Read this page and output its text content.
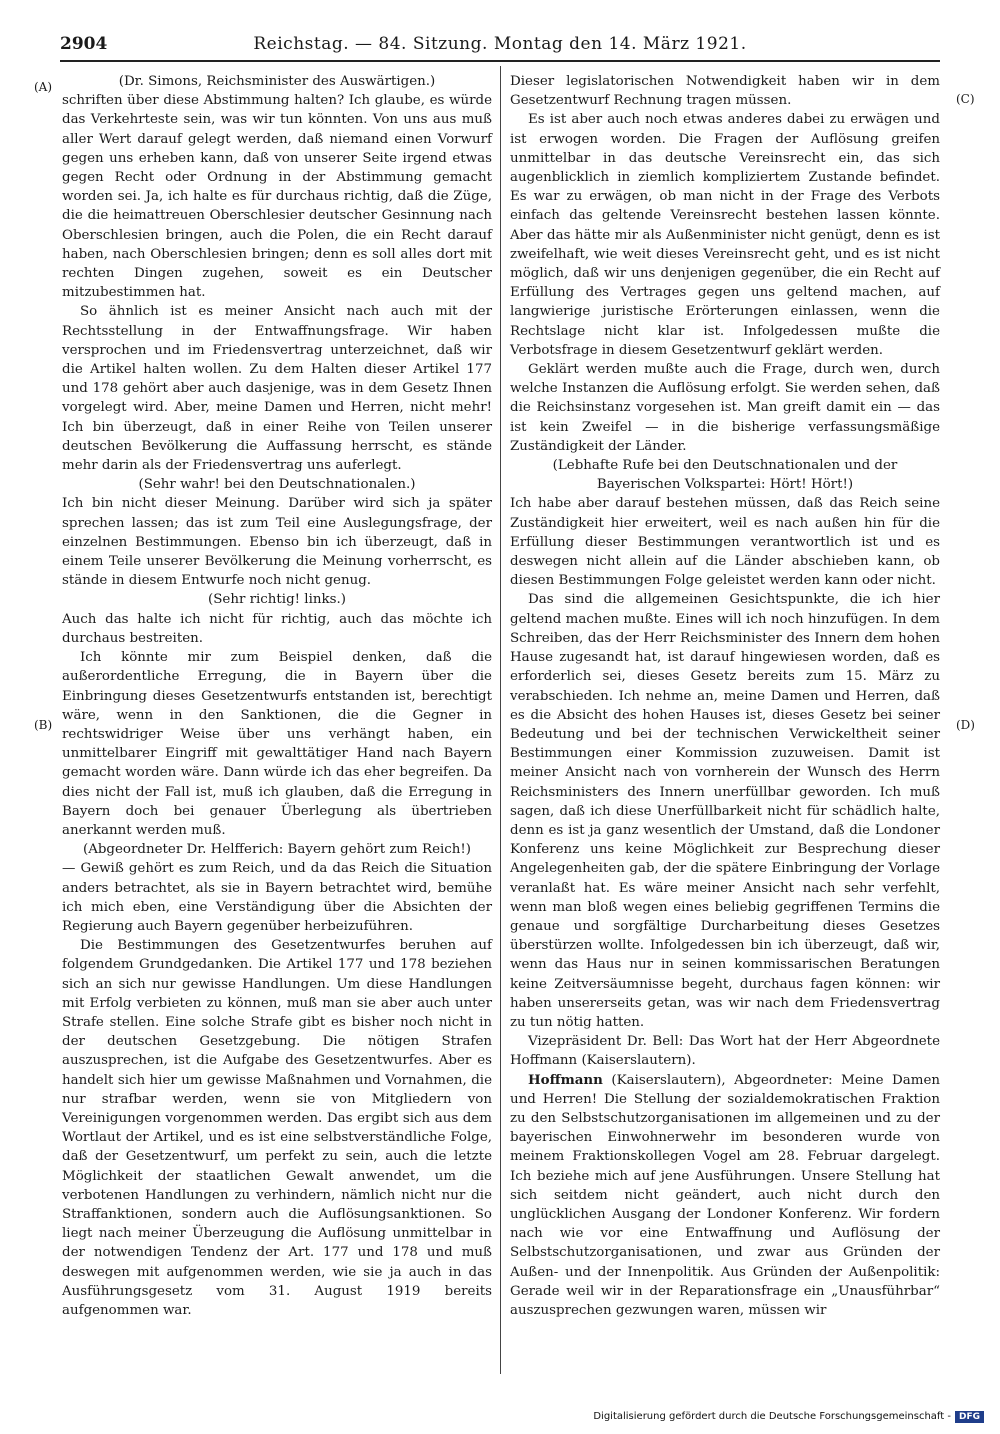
2904	Reichstag. — 84. Sitzung. Montag den 14. März 1921.
(A)
(B)
(C)
(D)

(Dr. Simons, Reichsminister des Auswärtigen.)

schriften über diese Abstimmung halten? Ich glaube, es würde das Verkehrteste sein, was wir tun könnten. Von uns aus muß aller Wert darauf gelegt werden, daß niemand einen Vorwurf gegen uns erheben kann, daß von unserer Seite irgend etwas gegen Recht oder Ordnung in der Abstimmung gemacht worden sei. Ja, ich halte es für durchaus richtig, daß die Züge, die die heimattreuen Oberschlesier deutscher Gesinnung nach Oberschlesien bringen, auch die Polen, die ein Recht darauf haben, nach Oberschlesien bringen; denn es soll alles dort mit rechten Dingen zugehen, soweit es ein Deutscher mitzubestimmen hat.

So ähnlich ist es meiner Ansicht nach auch mit der Rechtsstellung in der Entwaffnungsfrage. Wir haben versprochen und im Friedensvertrag unterzeichnet, daß wir die Artikel halten wollen. Zu dem Halten dieser Artikel 177 und 178 gehört aber auch dasjenige, was in dem Gesetz Ihnen vorgelegt wird. Aber, meine Damen und Herren, nicht mehr! Ich bin überzeugt, daß in einer Reihe von Teilen unserer deutschen Bevölkerung die Auffassung herrscht, es stände mehr darin als der Friedensvertrag uns auferlegt.

(Sehr wahr! bei den Deutschnationalen.)

Ich bin nicht dieser Meinung. Darüber wird sich ja später sprechen lassen; das ist zum Teil eine Auslegungsfrage, der einzelnen Bestimmungen. Ebenso bin ich überzeugt, daß in einem Teile unserer Bevölkerung die Meinung vorherrscht, es stände in diesem Entwurfe noch nicht genug.

(Sehr richtig! links.)

Auch das halte ich nicht für richtig, auch das möchte ich durchaus bestreiten.

Ich könnte mir zum Beispiel denken, daß die außerordentliche Erregung, die in Bayern über die Einbringung dieses Gesetzentwurfs entstanden ist, berechtigt wäre, wenn in den Sanktionen, die die Gegner in rechtswidriger Weise über uns verhängt haben, ein unmittelbarer Eingriff mit gewalttätiger Hand nach Bayern gemacht worden wäre. Dann würde ich das eher begreifen. Da dies nicht der Fall ist, muß ich glauben, daß die Erregung in Bayern doch bei genauer Überlegung als übertrieben anerkannt werden muß.

(Abgeordneter Dr. Helfferich: Bayern gehört zum Reich!)

— Gewiß gehört es zum Reich, und da das Reich die Situation anders betrachtet, als sie in Bayern betrachtet wird, bemühe ich mich eben, eine Verständigung über die Absichten der Regierung auch Bayern gegenüber herbeizuführen.

Die Bestimmungen des Gesetzentwurfes beruhen auf folgendem Grundgedanken. Die Artikel 177 und 178 beziehen sich an sich nur gewisse Handlungen. Um diese Handlungen mit Erfolg verbieten zu können, muß man sie aber auch unter Strafe stellen. Eine solche Strafe gibt es bisher noch nicht in der deutschen Gesetzgebung. Die nötigen Strafen auszusprechen, ist die Aufgabe des Gesetzentwurfes. Aber es handelt sich hier um gewisse Maßnahmen und Vornahmen, die nur strafbar werden, wenn sie von Mitgliedern von Vereinigungen vorgenommen werden. Das ergibt sich aus dem Wortlaut der Artikel, und es ist eine selbstverständliche Folge, daß der Gesetzentwurf, um perfekt zu sein, auch die letzte Möglichkeit der staatlichen Gewalt anwendet, um die verbotenen Handlungen zu verhindern, nämlich nicht nur die Straffanktionen, sondern auch die Auflösungsanktionen. So liegt nach meiner Überzeugung die Auflösung unmittelbar in der notwendigen Tendenz der Art. 177 und 178 und muß deswegen mit aufgenommen werden, wie sie ja auch in das Ausführungsgesetz vom 31. August 1919 bereits aufgenommen war.

Dieser legislatorischen Notwendigkeit haben wir in dem Gesetzentwurf Rechnung tragen müssen.

Es ist aber auch noch etwas anderes dabei zu erwägen und ist erwogen worden. Die Fragen der Auflösung greifen unmittelbar in das deutsche Vereinsrecht ein, das sich augenblicklich in ziemlich kompliziertem Zustande befindet. Es war zu erwägen, ob man nicht in der Frage des Verbots einfach das geltende Vereinsrecht bestehen lassen könnte. Aber das hätte mir als Außenminister nicht genügt, denn es ist zweifelhaft, wie weit dieses Vereinsrecht geht, und es ist nicht möglich, daß wir uns denjenigen gegenüber, die ein Recht auf Erfüllung des Vertrages gegen uns geltend machen, auf langwierige juristische Erörterungen einlassen, wenn die Rechtslage nicht klar ist. Infolgedessen mußte die Verbotsfrage in diesem Gesetzentwurf geklärt werden.

Geklärt werden mußte auch die Frage, durch wen, durch welche Instanzen die Auflösung erfolgt. Sie werden sehen, daß die Reichsinstanz vorgesehen ist. Man greift damit ein — das ist kein Zweifel — in die bisherige verfassungsmäßige Zuständigkeit der Länder.

(Lebhafte Rufe bei den Deutschnationalen und der Bayerischen Volkspartei: Hört! Hört!)

Ich habe aber darauf bestehen müssen, daß das Reich seine Zuständigkeit hier erweitert, weil es nach außen hin für die Erfüllung dieser Bestimmungen verantwortlich ist und es deswegen nicht allein auf die Länder abschieben kann, ob diesen Bestimmungen Folge geleistet werden kann oder nicht.

Das sind die allgemeinen Gesichtspunkte, die ich hier geltend machen mußte. Eines will ich noch hinzufügen. In dem Schreiben, das der Herr Reichsminister des Innern dem hohen Hause zugesandt hat, ist darauf hingewiesen worden, daß es erforderlich sei, dieses Gesetz bereits zum 15. März zu verabschieden. Ich nehme an, meine Damen und Herren, daß es die Absicht des hohen Hauses ist, dieses Gesetz bei seiner Bedeutung und bei der technischen Verwickeltheit seiner Bestimmungen einer Kommission zuzuweisen. Damit ist meiner Ansicht nach von vornherein der Wunsch des Herrn Reichsministers des Innern unerfüllbar geworden. Ich muß sagen, daß ich diese Unerfüllbarkeit nicht für schädlich halte, denn es ist ja ganz wesentlich der Umstand, daß die Londoner Konferenz uns keine Möglichkeit zur Besprechung dieser Angelegenheiten gab, der die spätere Einbringung der Vorlage veranlaßt hat. Es wäre meiner Ansicht nach sehr verfehlt, wenn man bloß wegen eines beliebig gegriffenen Termins die genaue und sorgfältige Durcharbeitung dieses Gesetzes überstürzen wollte. Infolgedessen bin ich überzeugt, daß wir, wenn das Haus nur in seinen kommissarischen Beratungen keine Zeitversäumnisse begeht, durchaus fagen können: wir haben unsererseits getan, was wir nach dem Friedensvertrag zu tun nötig hatten.

Vizepräsident Dr. Bell: Das Wort hat der Herr Abgeordnete Hoffmann (Kaiserslautern).

Hoffmann (Kaiserslautern), Abgeordneter: Meine Damen und Herren! Die Stellung der sozialdemokratischen Fraktion zu den Selbstschutzorganisationen im allgemeinen und zu der bayerischen Einwohnerwehr im besonderen wurde von meinem Fraktionskollegen Vogel am 28. Februar dargelegt. Ich beziehe mich auf jene Ausführungen. Unsere Stellung hat sich seitdem nicht geändert, auch nicht durch den unglücklichen Ausgang der Londoner Konferenz. Wir fordern nach wie vor eine Entwaffnung und Auflösung der Selbstschutzorganisationen, und zwar aus Gründen der Außen- und der Innenpolitik. Aus Gründen der Außenpolitik: Gerade weil wir in der Reparationsfrage ein „Unausführbar“ auszusprechen gezwungen waren, müssen wir

Digitalisierung gefördert durch die Deutsche Forschungsgemeinschaft - DFG
